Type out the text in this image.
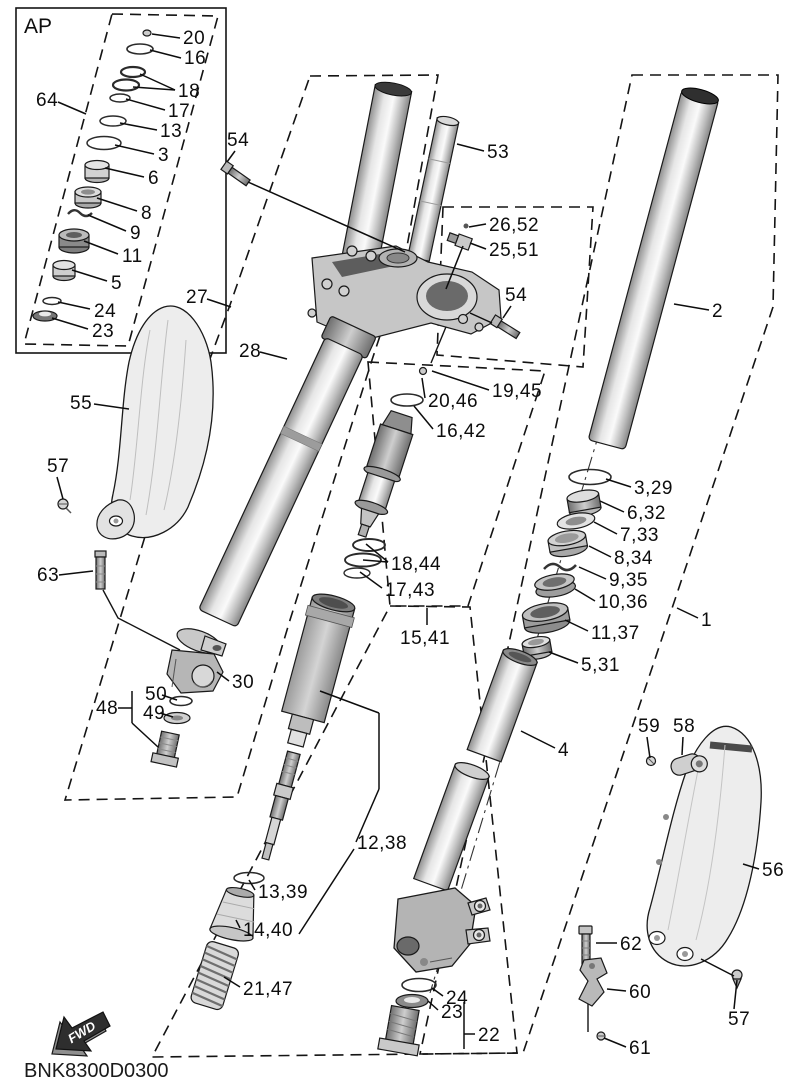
FWD
AP
BNK8300D0300
20
16
18
17
13
3
6
8
9
11
5
24
23
64
54
53
27
28
2
26,52
25,51
54
19,45
20,46
16,42
18,44
17,43
15,41
3,29
6,32
7,33
8,34
9,35
10,36
11,37
5,31
1
4
12,38
13,39
14,40
21,47	24
23
22
59 58
56
62
60
61
57
57
63
55
30
48
50
49
